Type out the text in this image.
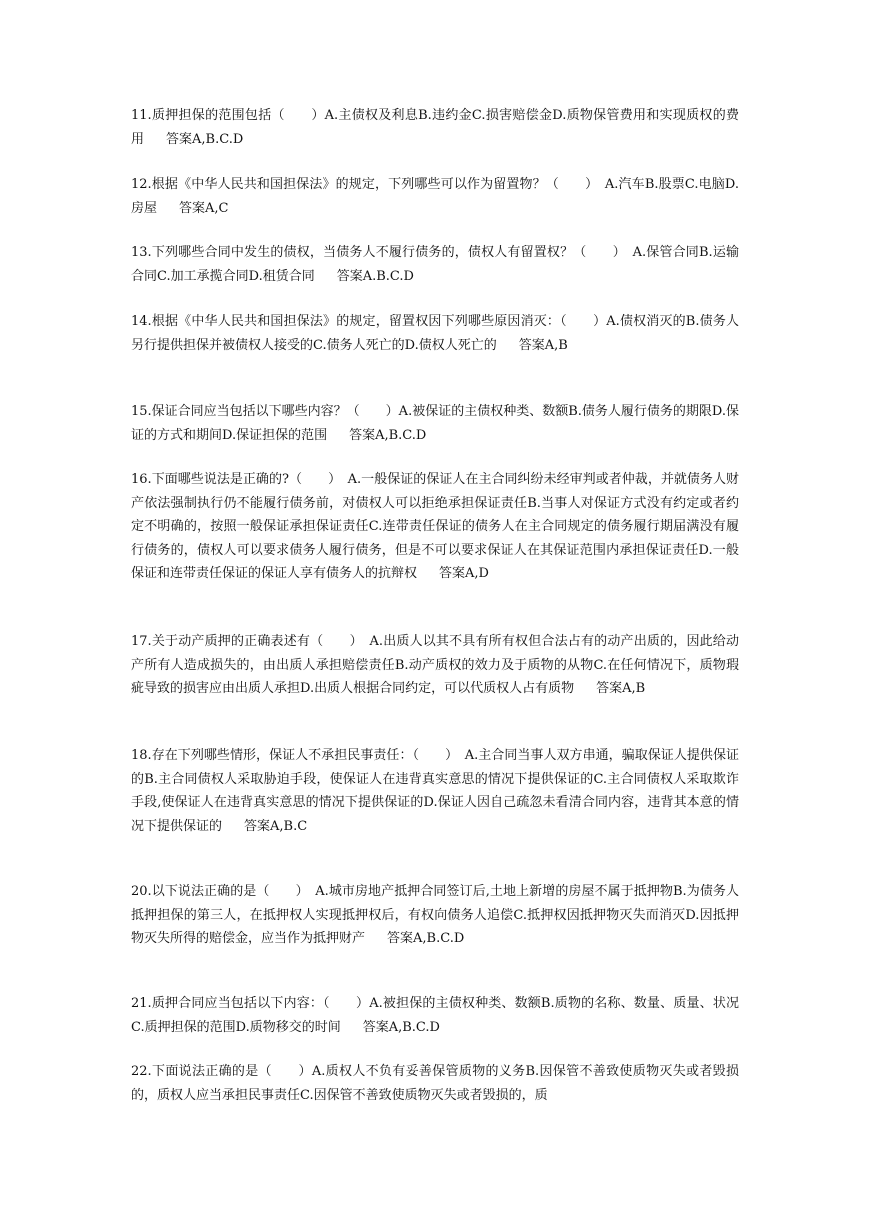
11.质押担保的范围包括（　　）A.主债权及利息B.违约金C.损害赔偿金D.质物保管费用和实现质权的费用 答案A,B.C.D

12.根据《中华人民共和国担保法》的规定，下列哪些可以作为留置物？（　　）　A.汽车B.股票C.电脑D.房屋 答案A,C

13.下列哪些合同中发生的债权，当债务人不履行债务的，债权人有留置权？（　　）　A.保管合同B.运输合同C.加工承揽合同D.租赁合同 答案A.B.C.D

14.根据《中华人民共和国担保法》的规定，留置权因下列哪些原因消灭：（　　）A.债权消灭的B.债务人另行提供担保并被债权人接受的C.债务人死亡的D.债权人死亡的 答案A,B

15.保证合同应当包括以下哪些内容？（　　）A.被保证的主债权种类、数额B.债务人履行债务的期限D.保证的方式和期间D.保证担保的范围 答案A,B.C.D

16.下面哪些说法是正确的?（　　）　A.一般保证的保证人在主合同纠纷未经审判或者仲裁，并就债务人财产依法强制执行仍不能履行债务前，对债权人可以拒绝承担保证责任B.当事人对保证方式没有约定或者约定不明确的，按照一般保证承担保证责任C.连带责任保证的债务人在主合同规定的债务履行期届满没有履行债务的，债权人可以要求债务人履行债务，但是不可以要求保证人在其保证范围内承担保证责任D.一般保证和连带责任保证的保证人享有债务人的抗辩权 答案A,D

17.关于动产质押的正确表述有（　　）　A.出质人以其不具有所有权但合法占有的动产出质的，因此给动产所有人造成损失的，由出质人承担赔偿责任B.动产质权的效力及于质物的从物C.在任何情况下，质物瑕疵导致的损害应由出质人承担D.出质人根据合同约定，可以代质权人占有质物 答案A,B

18.存在下列哪些情形，保证人不承担民事责任：（　　）　A.主合同当事人双方串通，骗取保证人提供保证的B.主合同债权人采取胁迫手段，使保证人在违背真实意思的情况下提供保证的C.主合同债权人采取欺诈手段,使保证人在违背真实意思的情况下提供保证的D.保证人因自己疏忽未看清合同内容，违背其本意的情况下提供保证的 答案A,B.C

20.以下说法正确的是（　　）　A.城市房地产抵押合同签订后,土地上新增的房屋不属于抵押物B.为债务人抵押担保的第三人，在抵押权人实现抵押权后，有权向债务人追偿C.抵押权因抵押物灭失而消灭D.因抵押物灭失所得的赔偿金，应当作为抵押财产 答案A,B.C.D

21.质押合同应当包括以下内容：（　　）A.被担保的主债权种类、数额B.质物的名称、数量、质量、状况C.质押担保的范围D.质物移交的时间 答案A,B.C.D

22.下面说法正确的是（　　）A.质权人不负有妥善保管质物的义务B.因保管不善致使质物灭失或者毁损的，质权人应当承担民事责任C.因保管不善致使质物灭失或者毁损的，质
